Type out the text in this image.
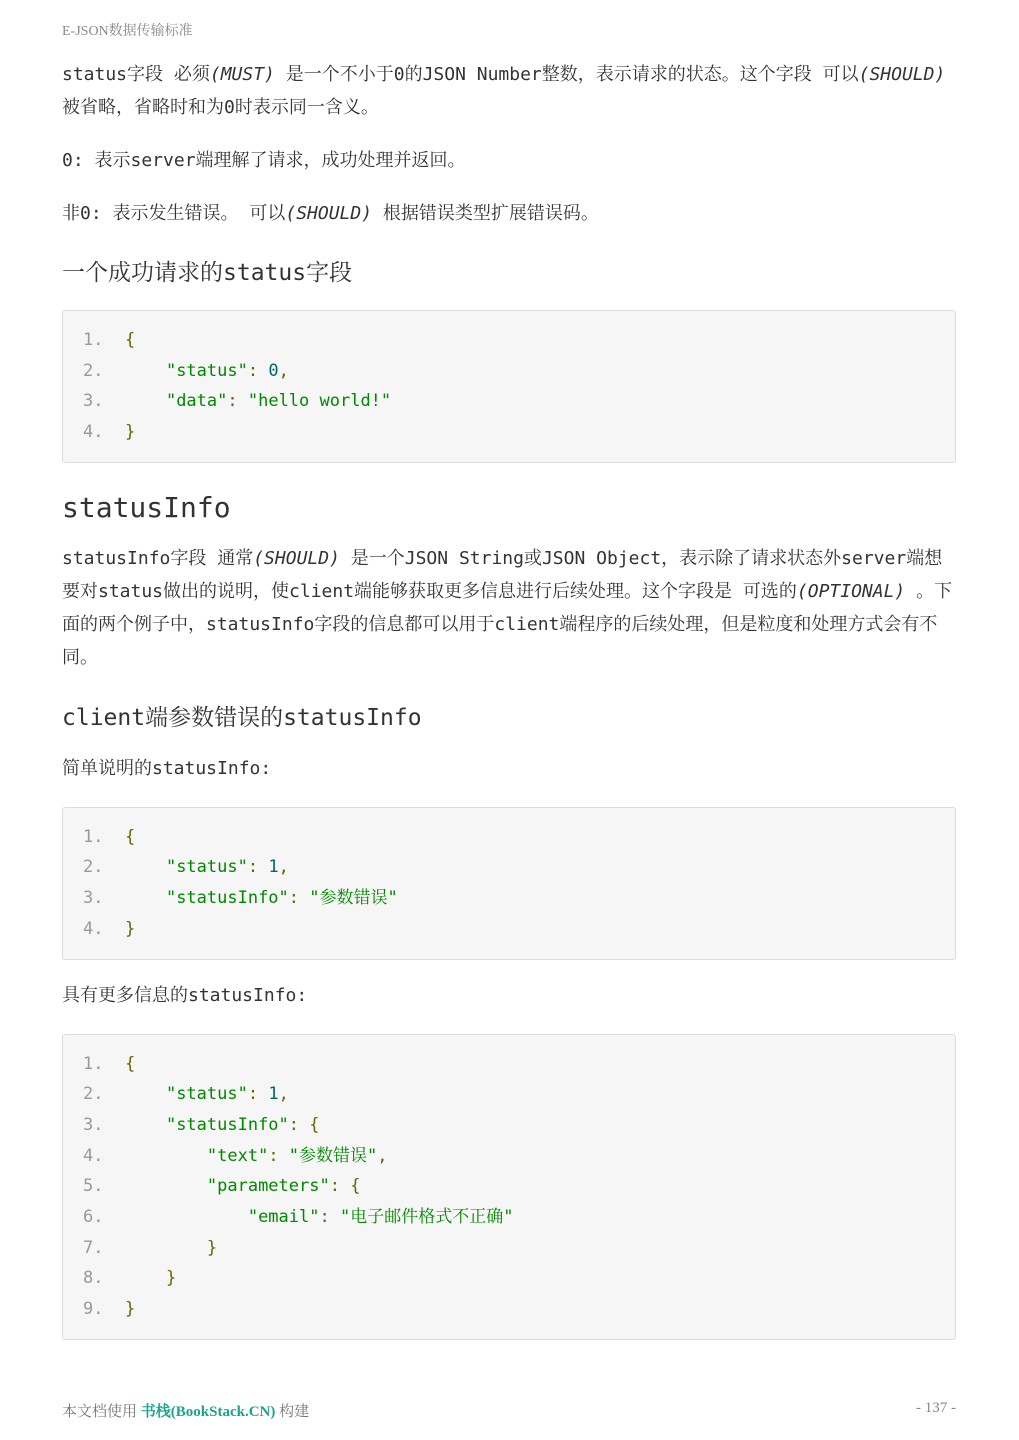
E-JSON数据传输标准

status字段 必须(MUST) 是一个不小于0的JSON Number整数，表示请求的状态。这个字段 可以(SHOULD) 被省略，省略时和为0时表示同一含义。

0: 表示server端理解了请求，成功处理并返回。

非0: 表示发生错误。 可以(SHOULD) 根据错误类型扩展错误码。

一个成功请求的status字段
1. {
2.	"status": 0,
3.	"data": "hello world!"
4. }
statusInfo

statusInfo字段 通常(SHOULD) 是一个JSON String或JSON Object，表示除了请求状态外server端想要对status做出的说明，使client端能够获取更多信息进行后续处理。这个字段是 可选的(OPTIONAL) 。下面的两个例子中，statusInfo字段的信息都可以用于client端程序的后续处理，但是粒度和处理方式会有不同。

client端参数错误的statusInfo

简单说明的statusInfo:

1. {
2.	"status": 1,
3.	"statusInfo": "参数错误"
4. }

具有更多信息的statusInfo:

1. {
2.	"status": 1,
3.	"statusInfo": {
4.	"text": "参数错误",
5.	"parameters": {
6.	"email": "电子邮件格式不正确"
7.	}
8.	}
9. }
本文档使用 书栈(BookStack.CN) 构建	- 137 -
